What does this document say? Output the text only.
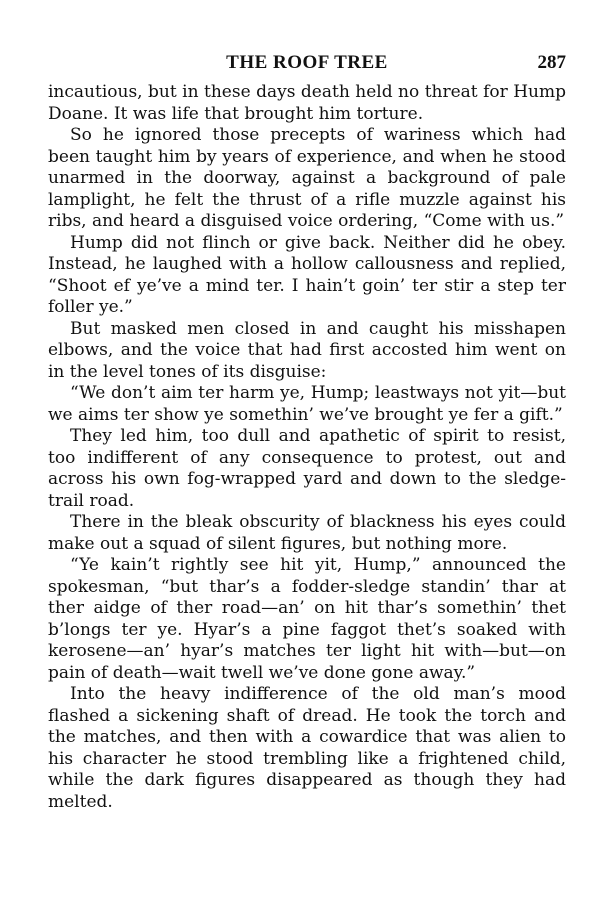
THE ROOF TREE	287

incautious, but in these days death held no threat for Hump Doane. It was life that brought him torture.

So he ignored those precepts of wariness which had been taught him by years of experience, and when he stood unarmed in the doorway, against a background of pale lamplight, he felt the thrust of a rifle muzzle against his ribs, and heard a disguised voice ordering, “Come with us.”

Hump did not flinch or give back. Neither did he obey. Instead, he laughed with a hollow callousness and replied, “Shoot ef ye’ve a mind ter. I hain’t goin’ ter stir a step ter foller ye.”

But masked men closed in and caught his misshapen elbows, and the voice that had first accosted him went on in the level tones of its disguise:

“We don’t aim ter harm ye, Hump; leastways not yit—but we aims ter show ye somethin’ we’ve brought ye fer a gift.”

They led him, too dull and apathetic of spirit to resist, too indifferent of any consequence to protest, out and across his own fog-wrapped yard and down to the sledge-trail road.

There in the bleak obscurity of blackness his eyes could make out a squad of silent figures, but nothing more.

“Ye kain’t rightly see hit yit, Hump,” announced the spokesman, “but thar’s a fodder-sledge standin’ thar at ther aidge of ther road—an’ on hit thar’s somethin’ thet b’longs ter ye. Hyar’s a pine faggot thet’s soaked with kerosene—an’ hyar’s matches ter light hit with—but—on pain of death—wait twell we’ve done gone away.”

Into the heavy indifference of the old man’s mood flashed a sickening shaft of dread. He took the torch and the matches, and then with a cowardice that was alien to his character he stood trembling like a frightened child, while the dark figures disappeared as though they had melted.
